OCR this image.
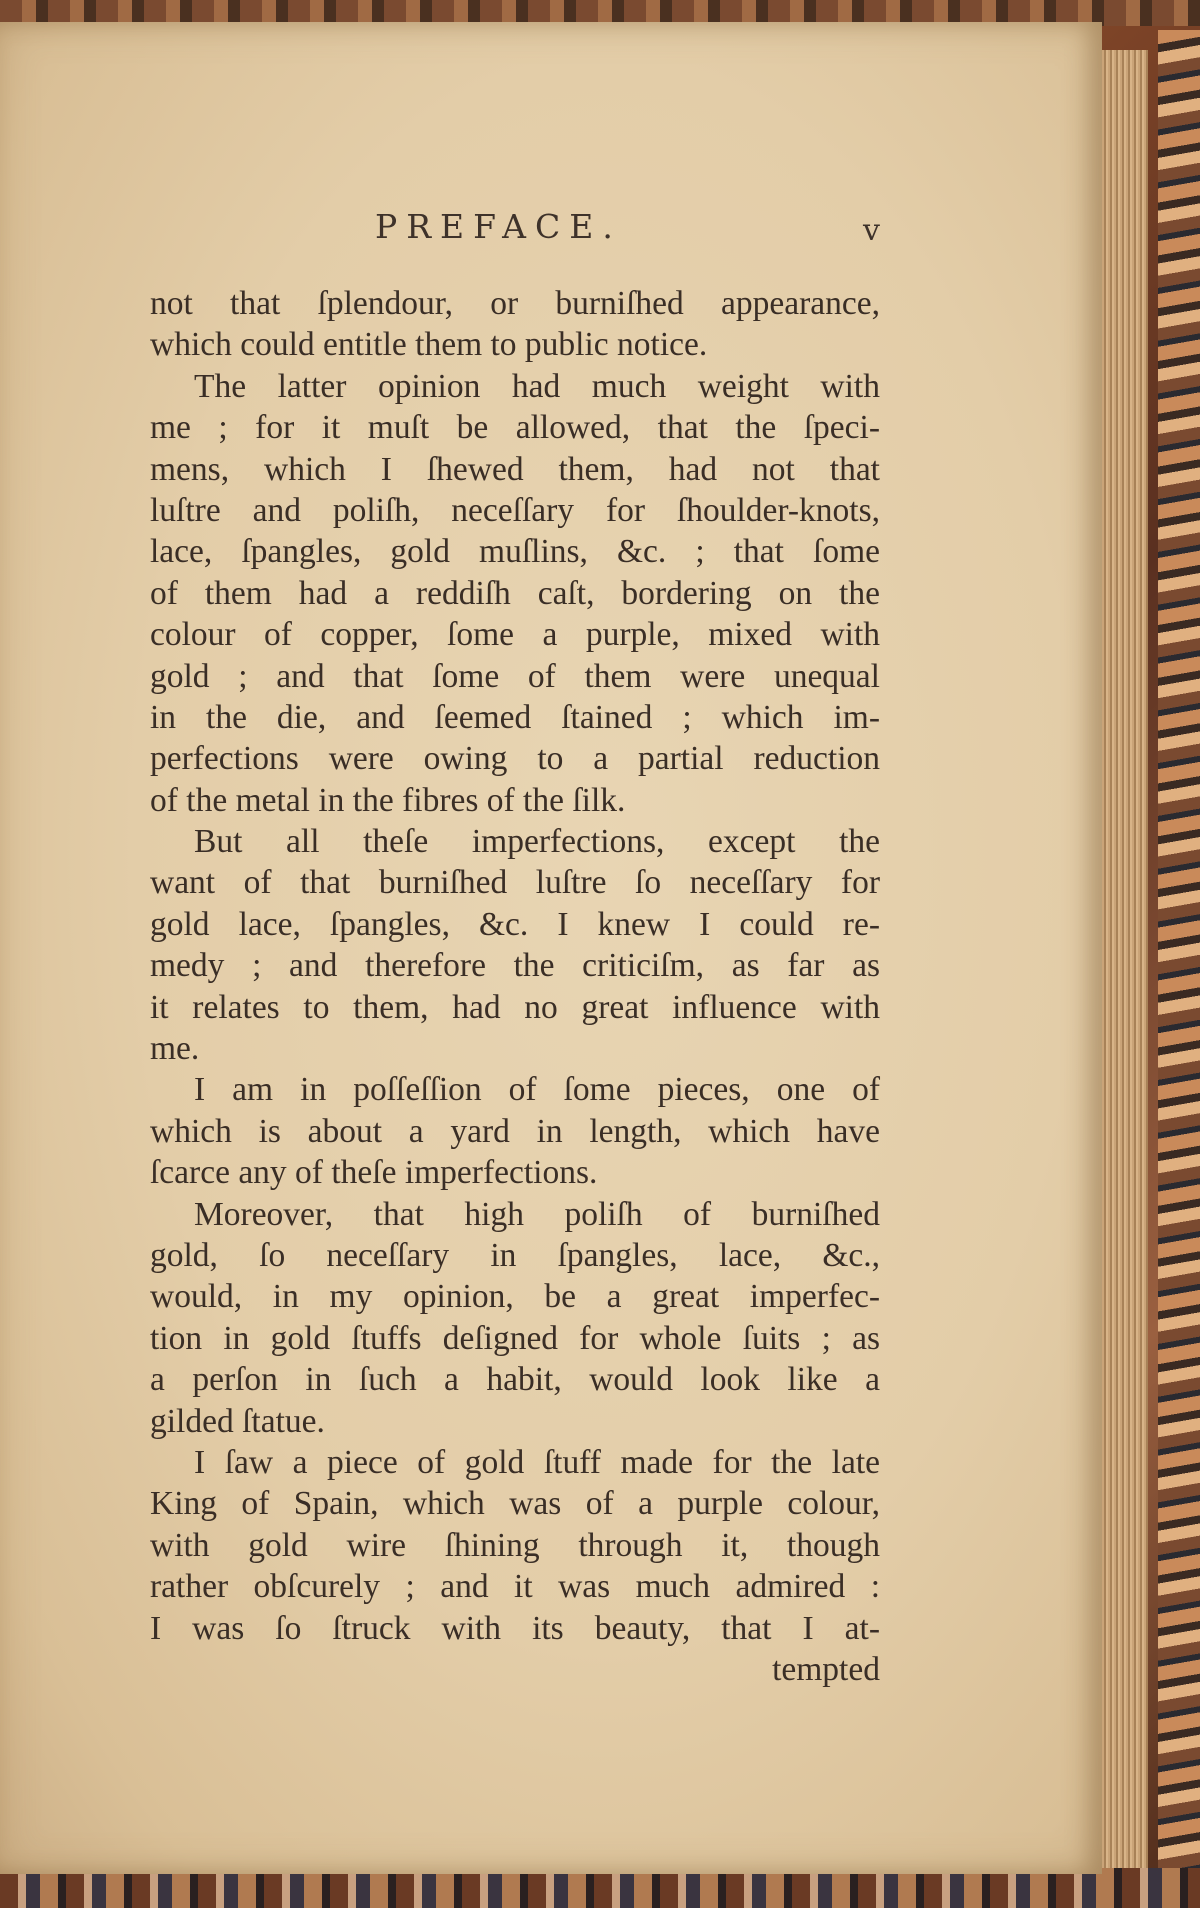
PREFACE.	v
not that ſplendour, or burniſhed appearance,
which could entitle them to public notice.
The latter opinion had much weight with
me ; for it muſt be allowed, that the ſpeci-
mens, which I ſhewed them, had not that
luſtre and poliſh, neceſſary for ſhoulder-knots,
lace, ſpangles, gold muſlins, &c. ; that ſome
of them had a reddiſh caſt, bordering on the
colour of copper, ſome a purple, mixed with
gold ; and that ſome of them were unequal
in the die, and ſeemed ſtained ; which im-
perfections were owing to a partial reduction
of the metal in the fibres of the ſilk.
But all theſe imperfections, except the
want of that burniſhed luſtre ſo neceſſary for
gold lace, ſpangles, &c. I knew I could re-
medy ; and therefore the criticiſm, as far as
it relates to them, had no great influence with
me.
I am in poſſeſſion of ſome pieces, one of
which is about a yard in length, which have
ſcarce any of theſe imperfections.
Moreover, that high poliſh of burniſhed
gold, ſo neceſſary in ſpangles, lace, &c.,
would, in my opinion, be a great imperfec-
tion in gold ſtuffs deſigned for whole ſuits ; as
a perſon in ſuch a habit, would look like a
gilded ſtatue.
I ſaw a piece of gold ſtuff made for the late
King of Spain, which was of a purple colour,
with gold wire ſhining through it, though
rather obſcurely ; and it was much admired :
I was ſo ſtruck with its beauty, that I at-
tempted
